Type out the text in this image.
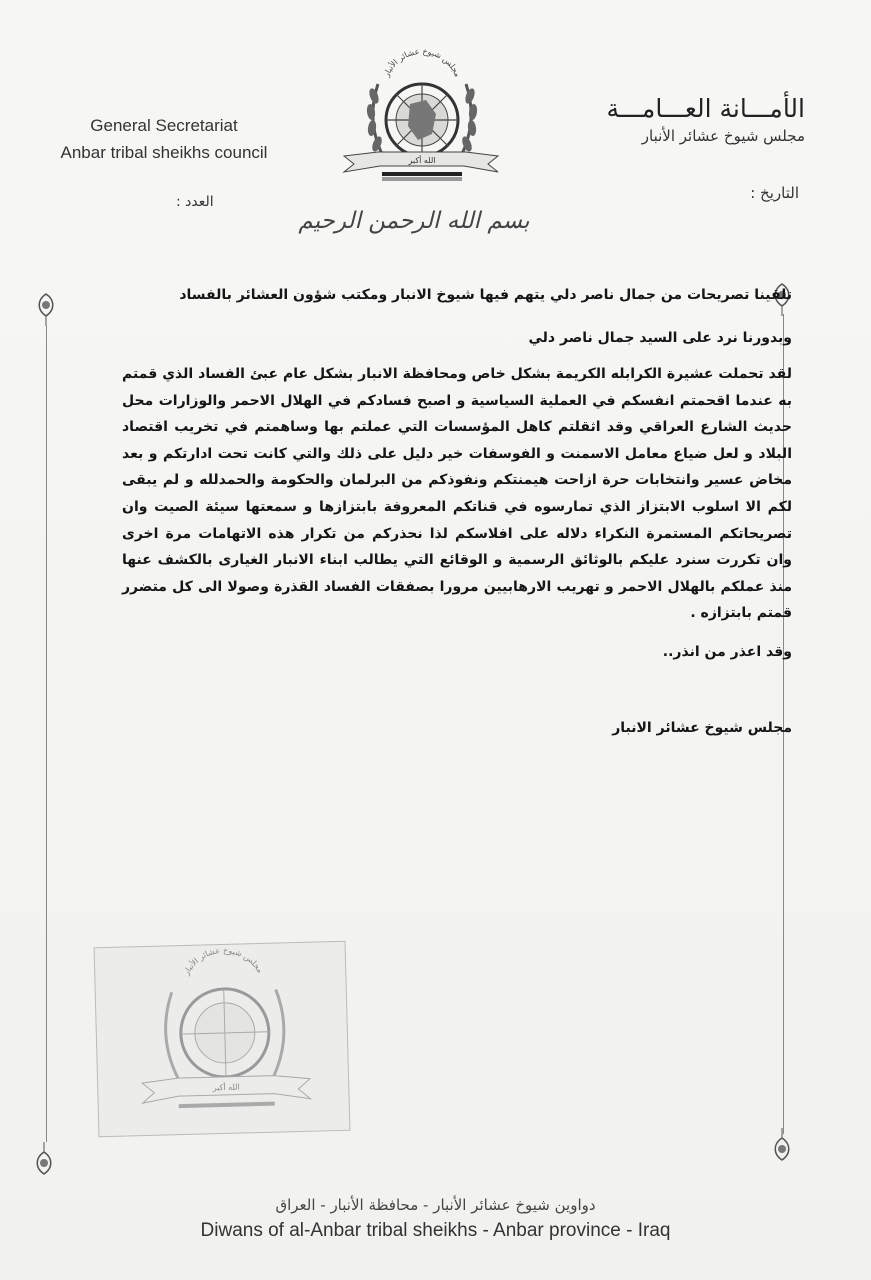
General Secretariat
Anbar tribal sheikhs council
مجلس شيوخ عشائر الأنبار
الله أكبر
الأمـــانة العـــامـــة
مجلس شيوخ عشائر الأنبار
التاريخ :
العدد :
بسم الله الرحمن الرحيم

تلقينا تصريحات من جمال ناصر دلي يتهم فيها شيوخ الانبار ومكتب شؤون العشائر بالفساد

وبدورنا نرد على السيد جمال ناصر دلي

لقد تحملت عشيرة الكرابله الكريمة بشكل خاص ومحافظة الانبار بشكل عام عبئ الفساد الذي قمتم به عندما اقحمتم انفسكم في العملية السياسية و اصبح فسادكم في الهلال الاحمر والوزارات محل حديث الشارع العراقي وقد اثقلتم كاهل المؤسسات التي عملتم بها وساهمتم في تخريب اقتصاد البلاد و لعل ضياع معامل الاسمنت و الفوسفات خير دليل على ذلك والتي كانت تحت ادارتكم و بعد مخاض عسير وانتخابات حرة ازاحت هيمنتكم ونفوذكم من البرلمان والحكومة والحمدلله و لم يبقى لكم الا اسلوب الابتزاز الذي تمارسوه في قناتكم المعروفة بابتزازها و سمعتها سيئة الصيت وان تصريحاتكم المستمرة النكراء دلاله على افلاسكم لذا نحذركم من تكرار هذه الاتهامات مرة اخرى وان تكررت سنرد عليكم بالوثائق الرسمية و الوقائع التي يطالب ابناء الانبار الغيارى بالكشف عنها منذ عملكم بالهلال الاحمر و تهريب الارهابيين مرورا بصفقات الفساد القذرة وصولا الى كل متضرر قمتم بابتزازه .

وقد اعذر من انذر..

مجلس شيوخ عشائر الانبار

مجلس شيوخ عشائر الأنبار
الله أكبر
دواوين شيوخ عشائر الأنبار - محافظة الأنبار - العراق
Diwans of al-Anbar tribal sheikhs - Anbar province - Iraq
